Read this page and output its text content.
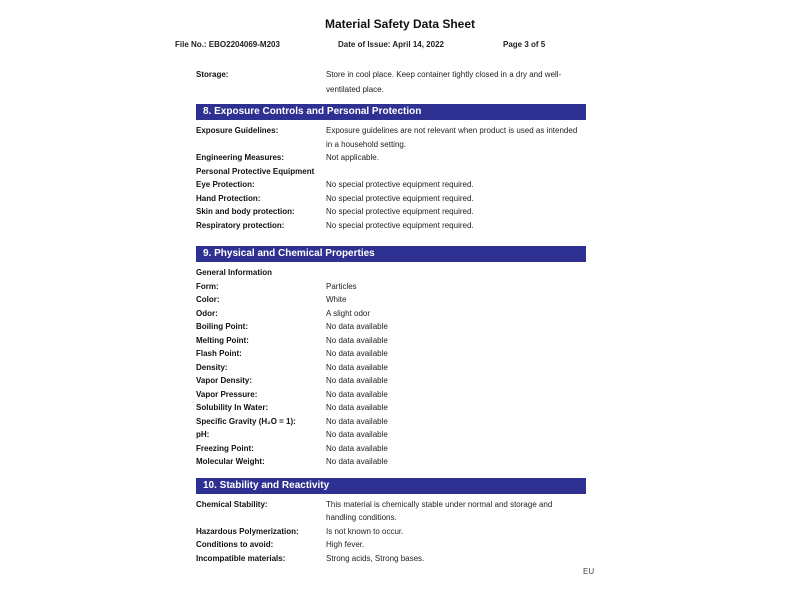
Material Safety Data Sheet
File No.: EBO2204069-M203	Date of Issue: April 14, 2022	Page 3 of 5
Storage:	Store in cool place. Keep container tightly closed in a dry and well-ventilated place.
8. Exposure Controls and Personal Protection
Exposure Guidelines:	Exposure guidelines are not relevant when product is used as intended in a household setting.
Engineering Measures:	Not applicable.
Personal Protective Equipment
Eye Protection:	No special protective equipment required.
Hand Protection:	No special protective equipment required.
Skin and body protection:	No special protective equipment required.
Respiratory protection:	No special protective equipment required.
9. Physical and Chemical Properties
General Information
Form:	Particles
Color:	White
Odor:	A slight odor
Boiling Point:	No data available
Melting Point:	No data available
Flash Point:	No data available
Density:	No data available
Vapor Density:	No data available
Vapor Pressure:	No data available
Solubility In Water:	No data available
Specific Gravity (H₂O = 1):	No data available
pH:	No data available
Freezing Point:	No data available
Molecular Weight:	No data available
10. Stability and Reactivity
Chemical Stability:	This material is chemically stable under normal and storage and handling conditions.
Hazardous Polymerization:	Is not known to occur.
Conditions to avoid:	High fever.
Incompatible materials:	Strong acids, Strong bases.
EU
